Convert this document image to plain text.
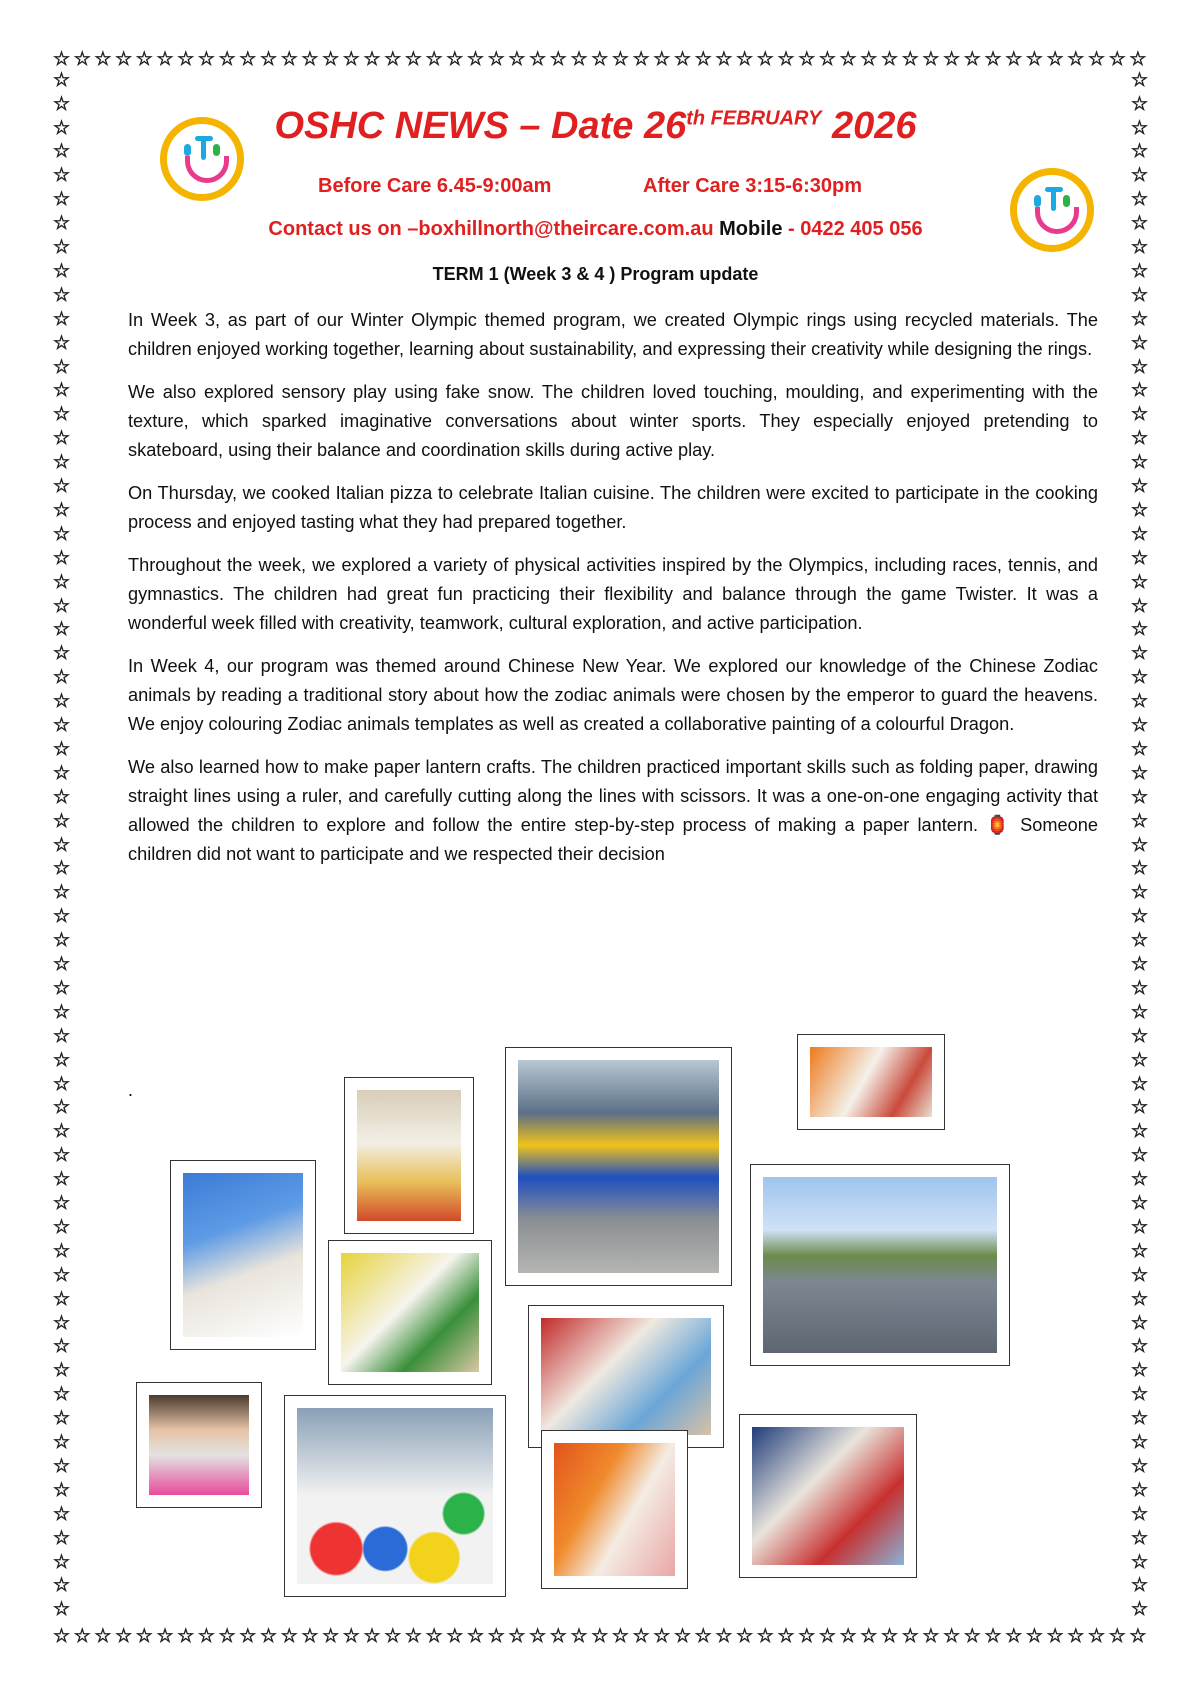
☆
☆
☆
☆
☆
☆
☆
☆
☆
☆
☆
☆
☆
☆
☆
☆
☆
☆
☆
☆
☆
☆
☆
☆
☆
☆
☆
☆
☆
☆
☆
☆
☆
☆
☆
☆
☆
☆
☆
☆
☆
☆
☆
☆
☆
☆
☆
☆
☆
☆
☆
☆
☆
☆
☆
☆
☆
☆
☆
☆
☆
☆
☆
☆
☆
☆
☆
☆
☆
☆
☆
☆
☆
☆
☆
☆
☆
☆
☆
☆
☆
☆
☆
☆
☆
☆
☆
☆
☆
☆
☆
☆
☆
☆
☆
☆
☆
☆
☆
☆
☆
☆
☆
☆
☆
☆
☆	☆
☆	☆
☆	☆
☆	☆
☆	☆
☆	☆
☆	☆
☆	☆
☆	☆
☆	☆
☆	☆
☆	☆
☆	☆
☆	☆
☆	☆
☆	☆
☆	☆
☆	☆
☆	☆
☆	☆
☆	☆
☆	☆
☆	☆
☆	☆
☆	☆
☆	☆
☆	☆
☆	☆
☆	☆
☆	☆
☆	☆
☆	☆
☆	☆
☆	☆
☆	☆
☆	☆
☆	☆
☆	☆
☆	☆
☆	☆
☆	☆
☆	☆
☆	☆
☆	☆
☆	☆
☆	☆
☆	☆
☆	☆
☆	☆
☆	☆
☆	☆
☆	☆
☆	☆
☆	☆
☆	☆
☆	☆
☆	☆
☆	☆
☆	☆
☆	☆
☆	☆
☆	☆
☆	☆
☆	☆
☆	☆
OSHC NEWS – Date $26^{th FEBRUARY}$ 2026
Before Care 6.45-9:00am	After Care 3:15-6:30pm
Contact us on –boxhillnorth@theircare.com.au Mobile - 0422 405 056
TERM 1 (Week 3 & 4 ) Program update

In Week 3, as part of our Winter Olympic themed program, we created Olympic rings using recycled materials. The children enjoyed working together, learning about sustainability, and expressing their creativity while designing the rings.

We also explored sensory play using fake snow. The children loved touching, moulding, and experimenting with the texture, which sparked imaginative conversations about winter sports. They especially enjoyed pretending to skateboard, using their balance and coordination skills during active play.

On Thursday, we cooked Italian pizza to celebrate Italian cuisine. The children were excited to participate in the cooking process and enjoyed tasting what they had prepared together.

Throughout the week, we explored a variety of physical activities inspired by the Olympics, including races, tennis, and gymnastics. The children had great fun practicing their flexibility and balance through the game Twister. It was a wonderful week filled with creativity, teamwork, cultural exploration, and active participation.

In Week 4, our program was themed around Chinese New Year. We explored our knowledge of the Chinese Zodiac animals by reading a traditional story about how the zodiac animals were chosen by the emperor to guard the heavens. We enjoy colouring Zodiac animals templates as well as created a collaborative painting of a colourful Dragon.

We also learned how to make paper lantern crafts. The children practiced important skills such as folding paper, drawing straight lines using a ruler, and carefully cutting along the lines with scissors. It was a one-on-one engaging activity that allowed the children to explore and follow the entire step-by-step process of making a paper lantern. 🏮 Someone children did not want to participate and we respected their decision

.
